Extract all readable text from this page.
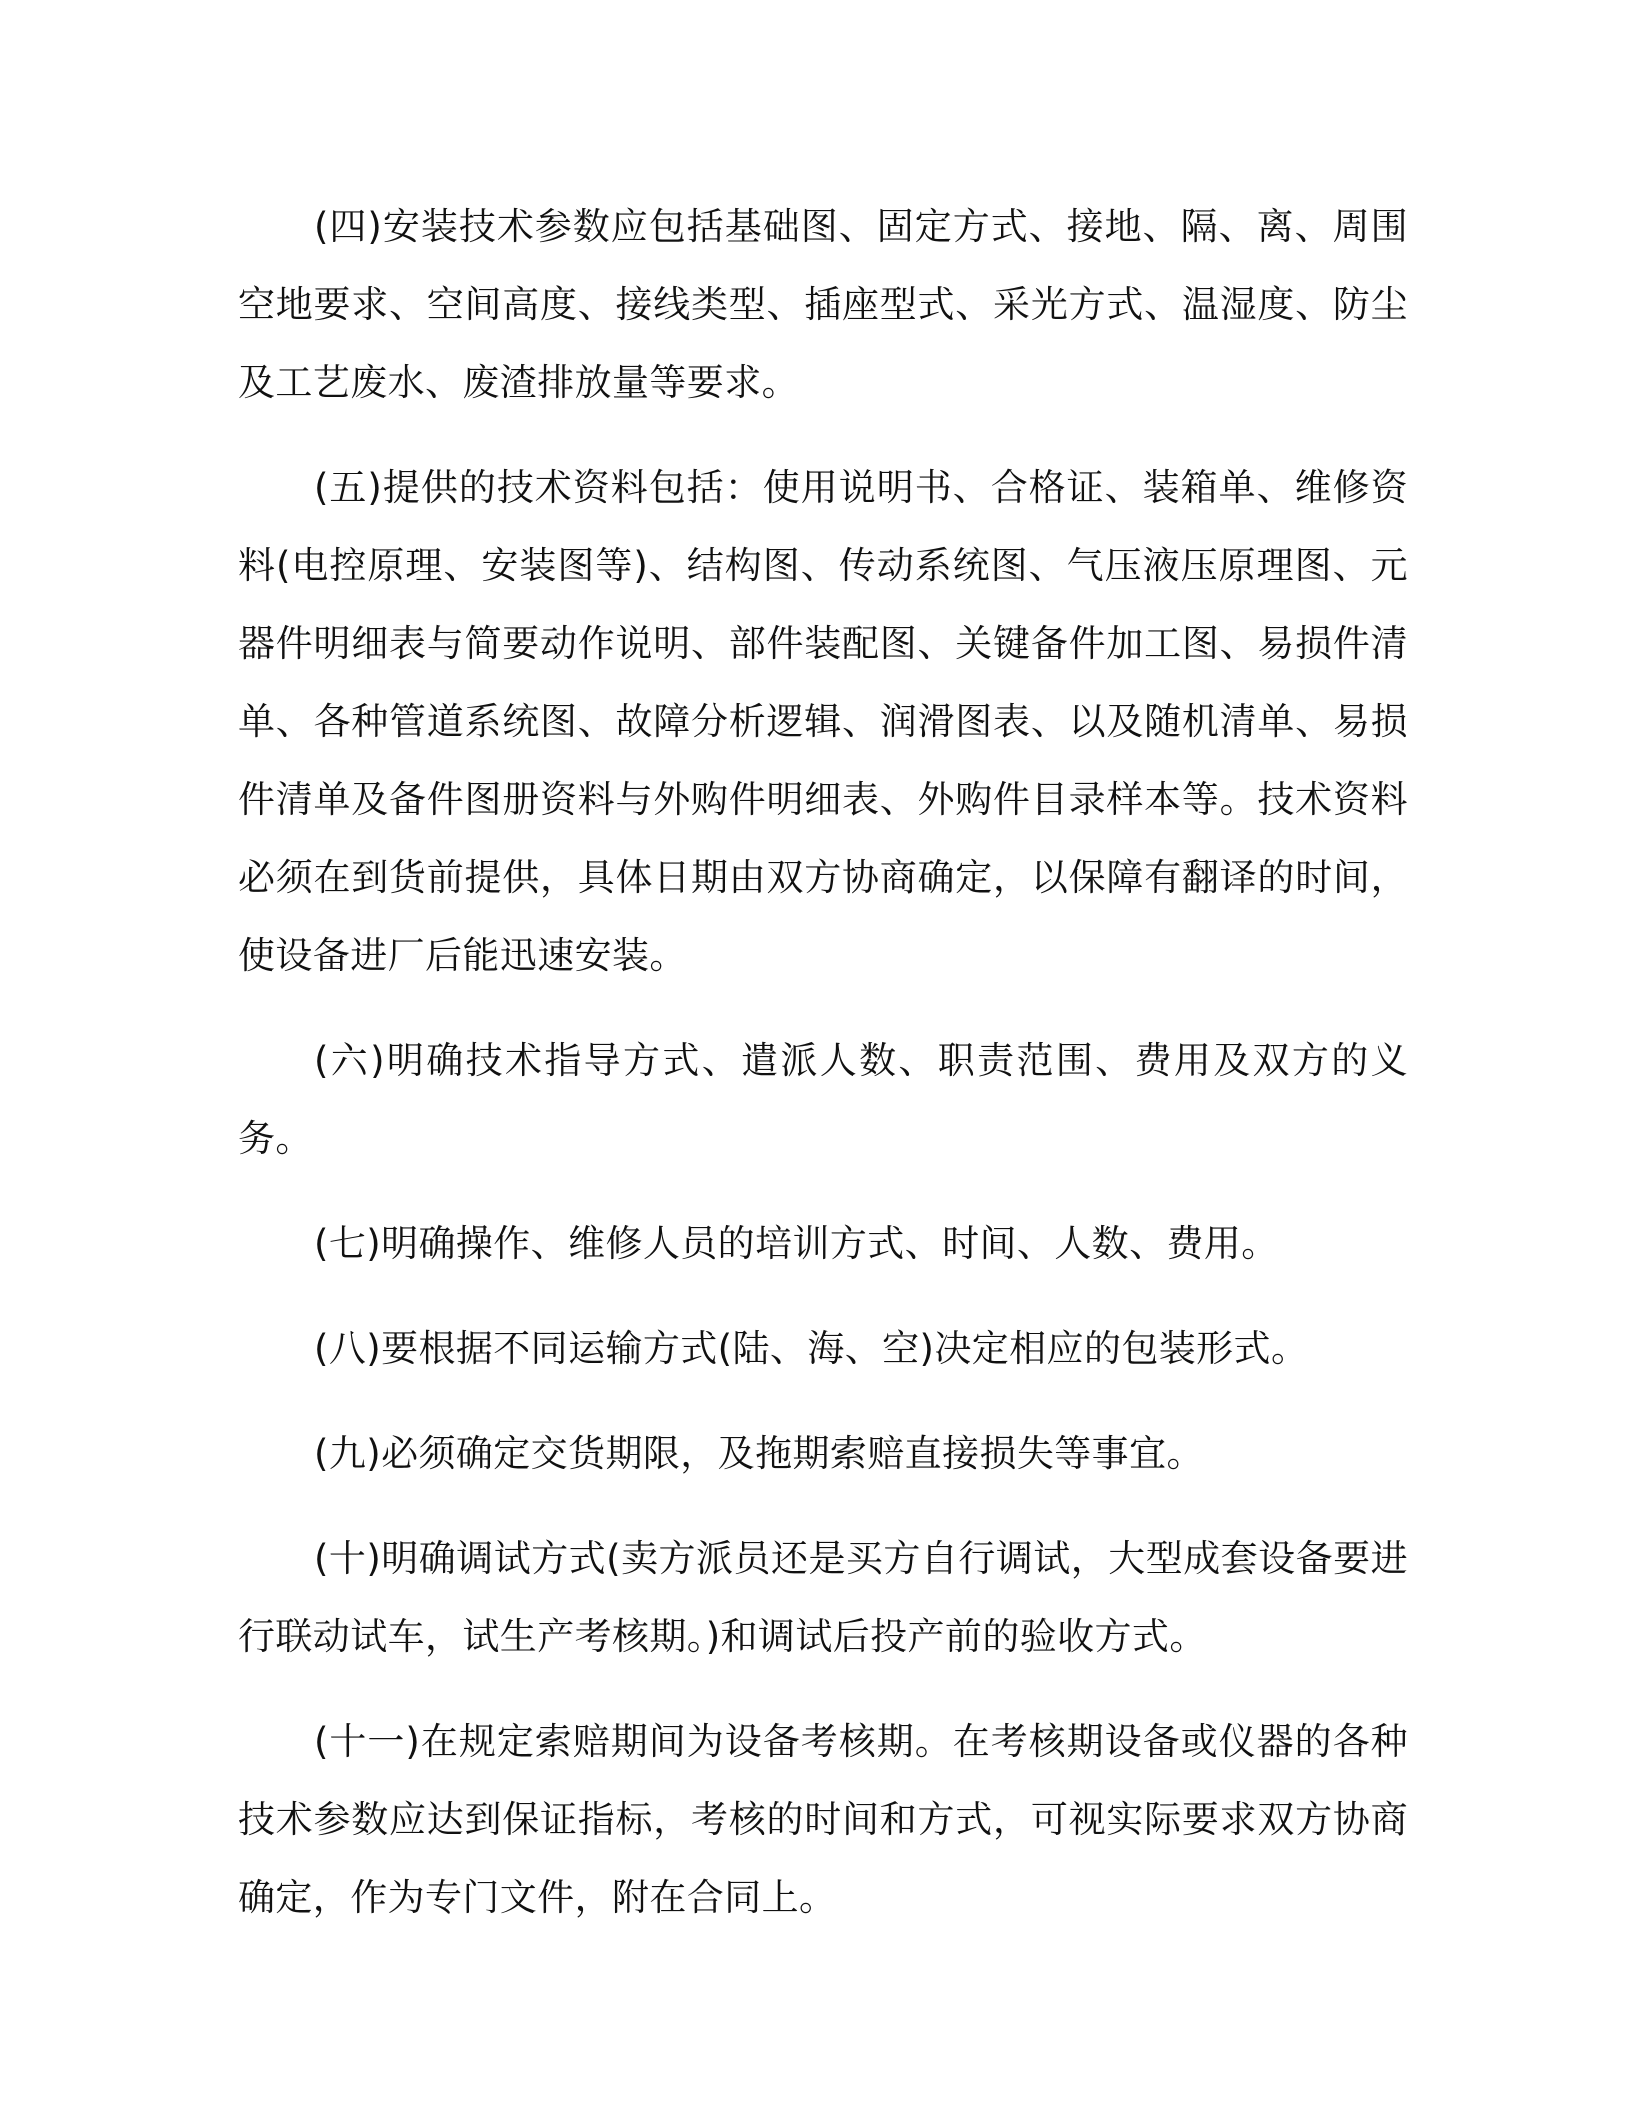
(四)安装技术参数应包括基础图、固定方式、接地、隔、离、周围空地要求、空间高度、接线类型、插座型式、采光方式、温湿度、防尘及工艺废水、废渣排放量等要求。

(五)提供的技术资料包括：使用说明书、合格证、装箱单、维修资料(电控原理、安装图等)、结构图、传动系统图、气压液压原理图、元器件明细表与简要动作说明、部件装配图、关键备件加工图、易损件清单、各种管道系统图、故障分析逻辑、润滑图表、以及随机清单、易损件清单及备件图册资料与外购件明细表、外购件目录样本等。技术资料必须在到货前提供，具体日期由双方协商确定，以保障有翻译的时间，使设备进厂后能迅速安装。

(六)明确技术指导方式、遣派人数、职责范围、费用及双方的义务。

(七)明确操作、维修人员的培训方式、时间、人数、费用。

(八)要根据不同运输方式(陆、海、空)决定相应的包装形式。

(九)必须确定交货期限，及拖期索赔直接损失等事宜。

(十)明确调试方式(卖方派员还是买方自行调试，大型成套设备要进行联动试车，试生产考核期。)和调试后投产前的验收方式。

(十一)在规定索赔期间为设备考核期。在考核期设备或仪器的各种技术参数应达到保证指标，考核的时间和方式，可视实际要求双方协商确定，作为专门文件，附在合同上。
